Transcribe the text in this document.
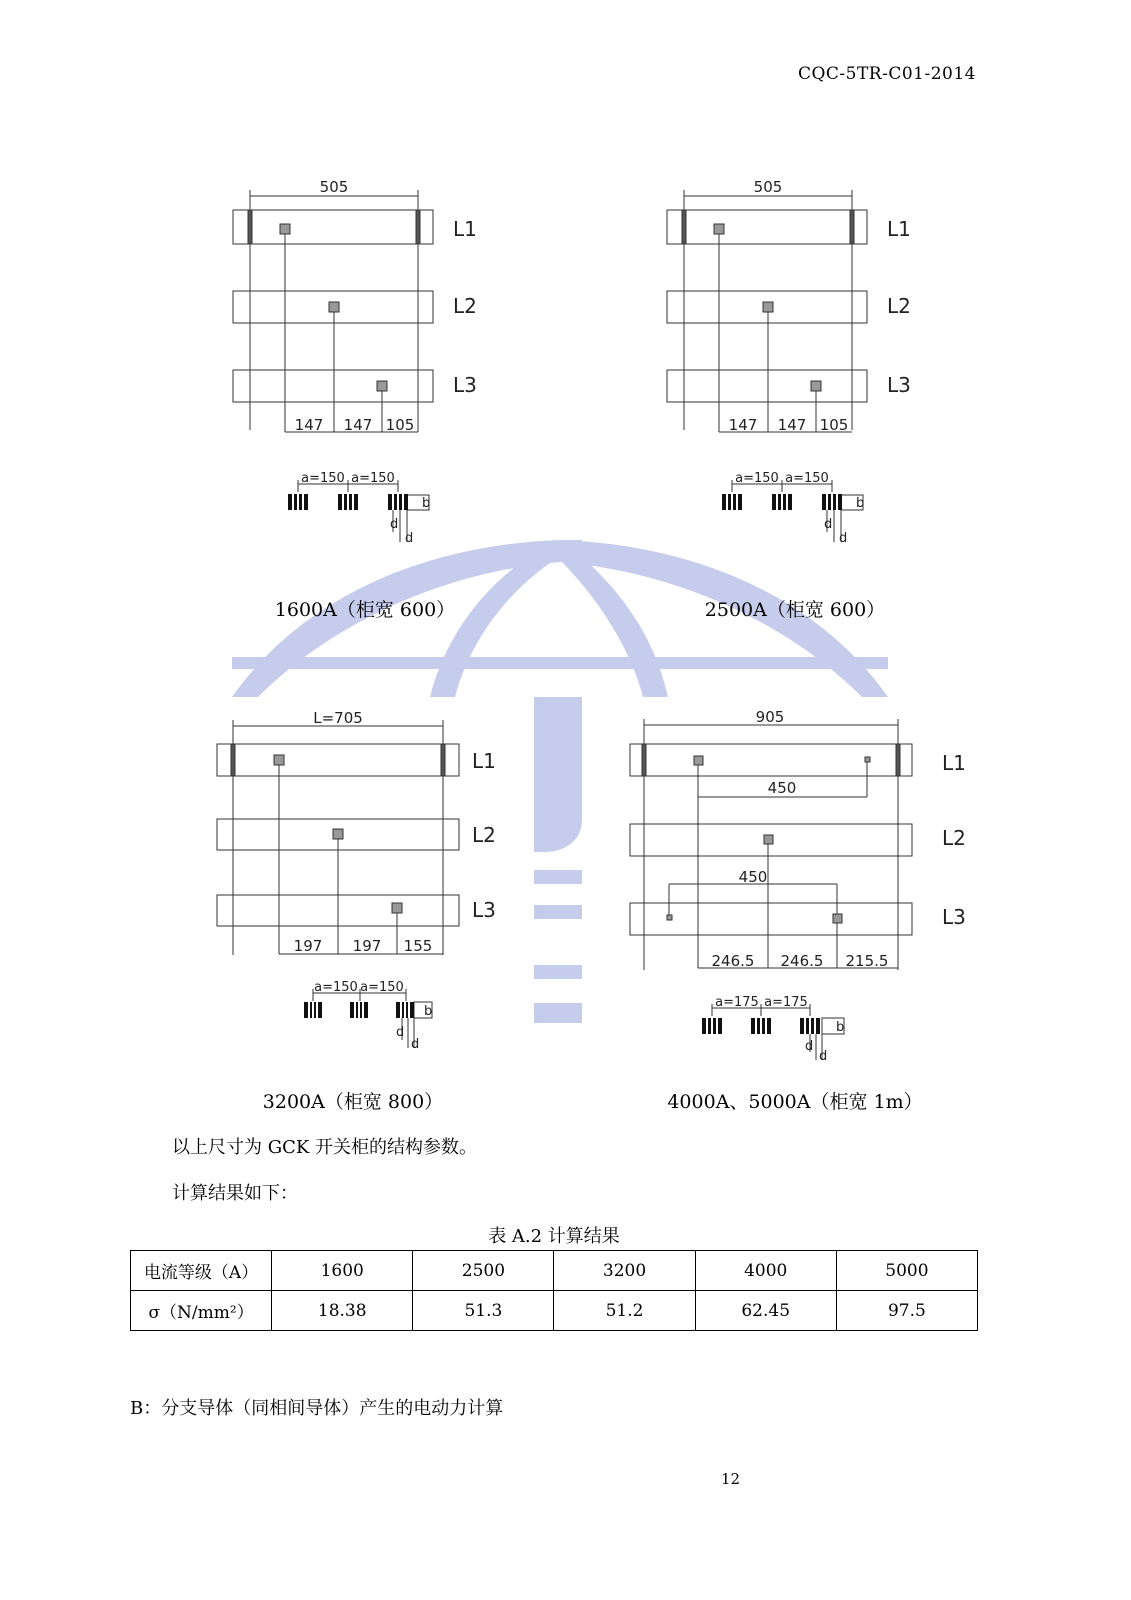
CQC-5TR-C01-2014
505
L1
L2
L3
147 147 105
a=150 a=150
b
d
d
1600A（柜宽 600）
505
L1
L2
L3
147 147 105
a=150 a=150
b
d
d
2500A（柜宽 600）
L=705
L1
L2
L3
197 197 155
a=150 a=150
b
d
d
3200A（柜宽 800）
905
450
450
L1
L2
L3
246.5 246.5 215.5
a=175 a=175
b
d
d
4000A、5000A（柜宽 1m）
以上尺寸为 GCK 开关柜的结构参数。
计算结果如下：
表 A.2 计算结果
电流等级（A）	1600	2500	3200	4000	5000
σ（N/mm²）	18.38	51.3	51.2	62.45	97.5
B：分支导体（同相间导体）产生的电动力计算
12
